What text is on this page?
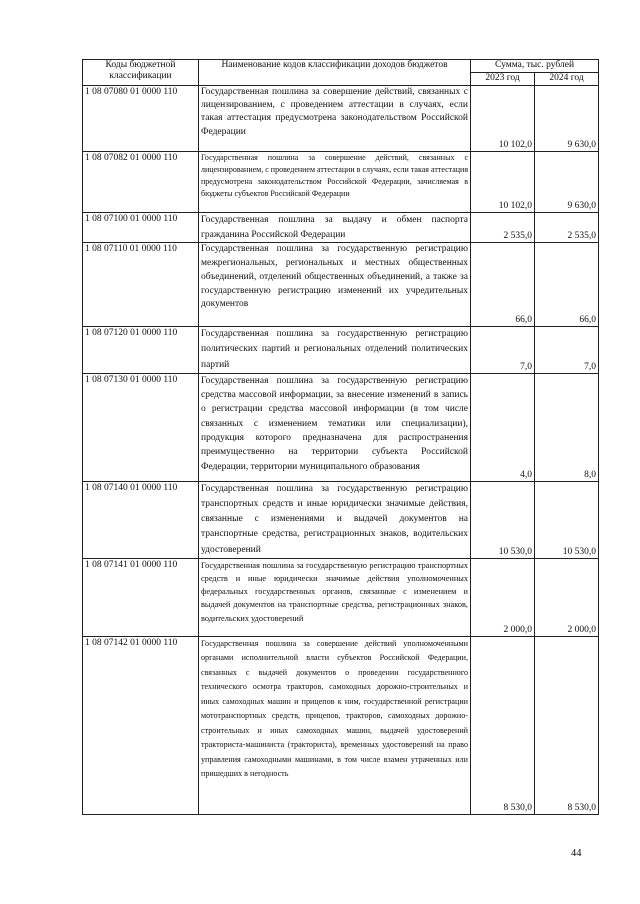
Коды бюджетной классификации	Наименование кодов классификации доходов бюджетов	Сумма, тыс. рублей	
		2023 год	2024 год
1 08 07080 01 0000 110	Государственная пошлина за совершение действий, связанных с лицензированием, с проведением аттестации в случаях, если такая аттестация предусмотрена законодательством Российской Федерации	10 102,0	9 630,0
1 08 07082 01 0000 110	Государственная пошлина за совершение действий, связанных с лицензированием, с проведением аттестации в случаях, если такая аттестация предусмотрена законодательством Российской Федерации, зачисляемая в бюджеты субъектов Российской Федерации	10 102,0	9 630,0
1 08 07100 01 0000 110	Государственная пошлина за выдачу и обмен паспорта гражданина Российской Федерации	2 535,0	2 535,0
1 08 07110 01 0000 110	Государственная пошлина за государственную регистрацию межрегиональных, региональных и местных общественных объединений, отделений общественных объединений, а также за государственную регистрацию изменений их учредительных документов	66,0	66,0
1 08 07120 01 0000 110	Государственная пошлина за государственную регистрацию политических партий и региональных отделений политических партий	7,0	7,0
1 08 07130 01 0000 110	Государственная пошлина за государственную регистрацию средства массовой информации, за внесение изменений в запись о регистрации средства массовой информации (в том числе связанных с изменением тематики или специализации), продукция которого предназначена для распространения преимущественно на территории субъекта Российской Федерации, территории муниципального образования	4,0	8,0
1 08 07140 01 0000 110	Государственная пошлина за государственную регистрацию транспортных средств и иные юридически значимые действия, связанные с изменениями и выдачей документов на транспортные средства, регистрационных знаков, водительских удостоверений	10 530,0	10 530,0
1 08 07141 01 0000 110	Государственная пошлина за государственную регистрацию транспортных средств и иные юридически значимые действия уполномоченных федеральных государственных органов, связанные с изменением и выдачей документов на транспортные средства, регистрационных знаков, водительских удостоверений	2 000,0	2 000,0
1 08 07142 01 0000 110	Государственная пошлина за совершение действий уполномоченными органами исполнительной власти субъектов Российской Федерации, связанных с выдачей документов о проведении государственного технического осмотра тракторов, самоходных дорожно-строительных и иных самоходных машин и прицепов к ним, государственной регистрации мототранспортных средств, прицепов, тракторов, самоходных дорожно-строительных и иных самоходных машин, выдачей удостоверений тракториста-машиниста (тракториста), временных удостоверений на право управления самоходными машинами, в том числе взамен утраченных или пришедших в негодность	8 530,0	8 530,0
44
